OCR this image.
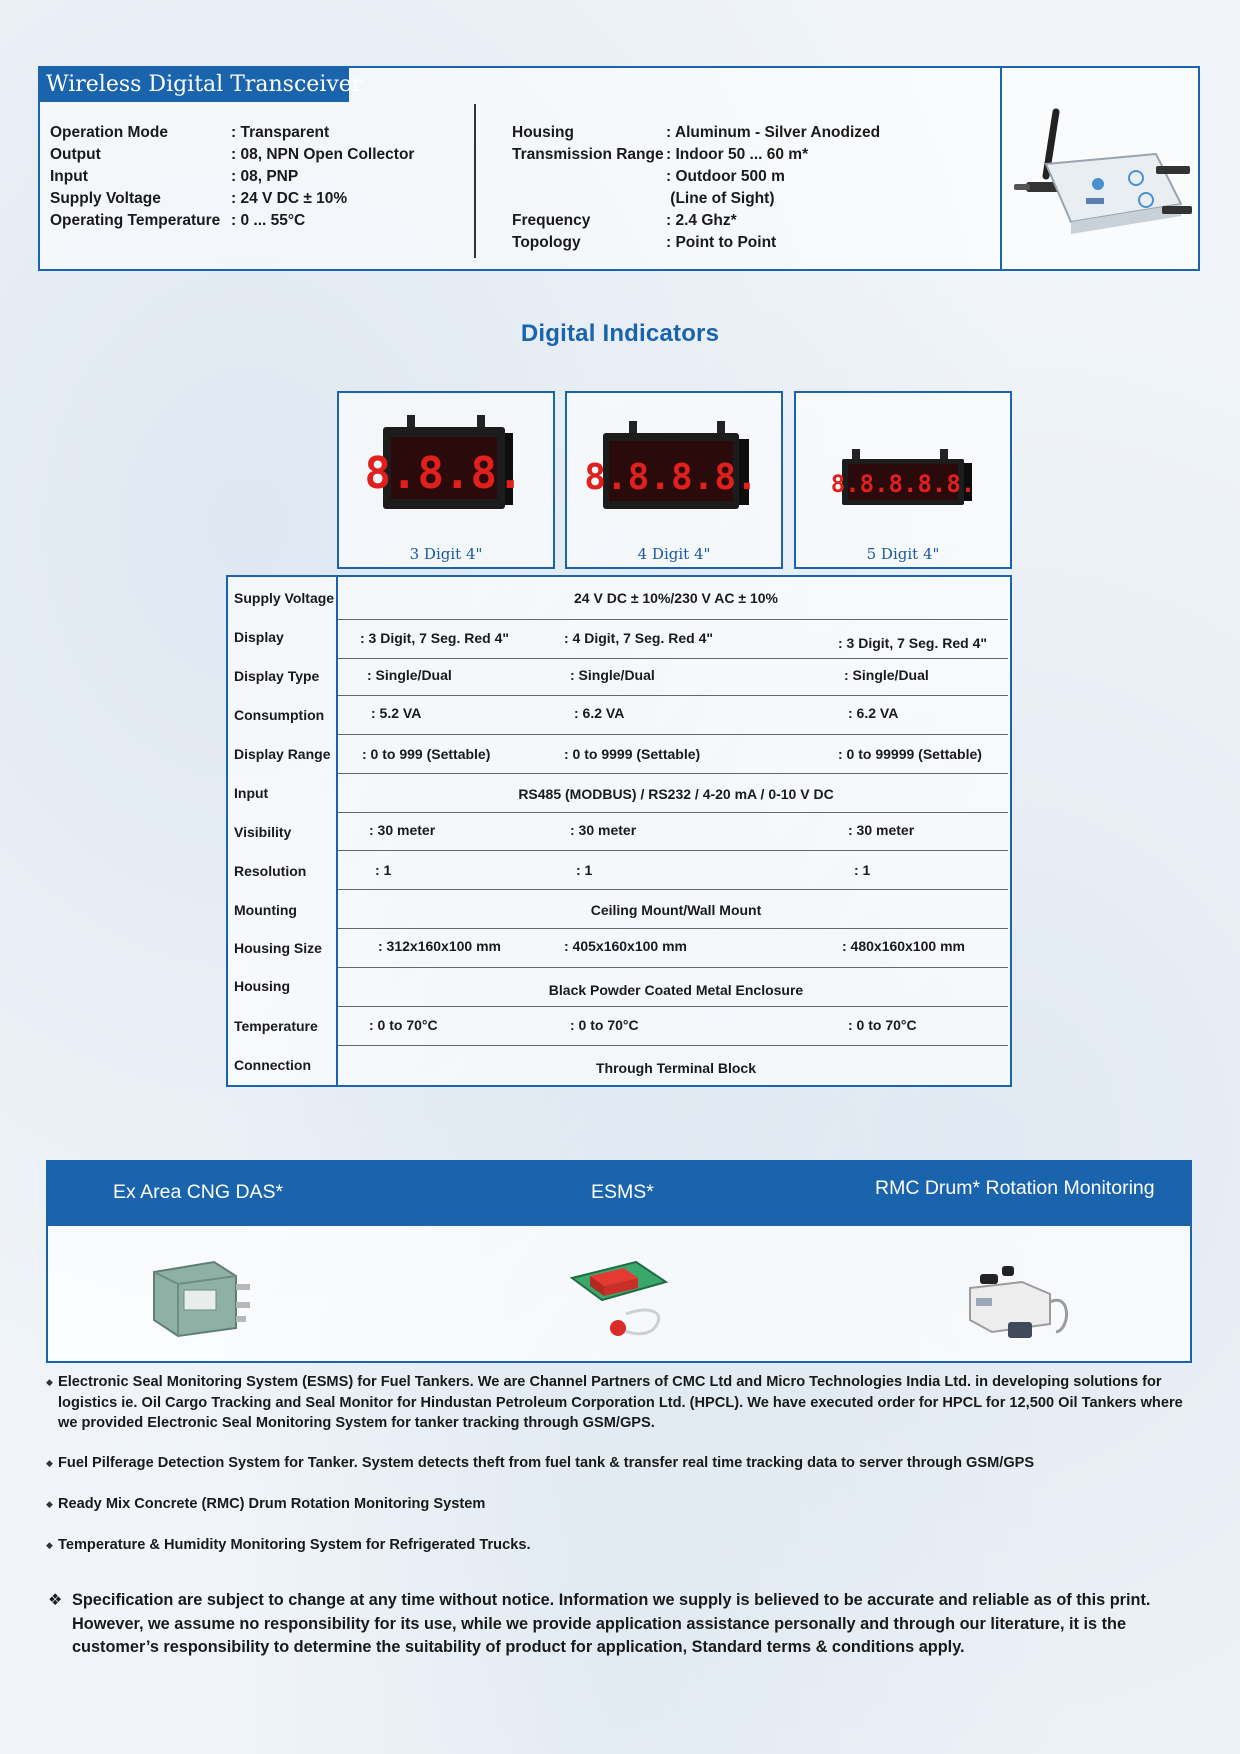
Wireless Digital Transceiver
Operation Mode	: Transparent
Output	: 08, NPN Open Collector
Input	: 08, PNP
Supply Voltage	: 24 V DC ± 10%
Operating Temperature : 0 ... 55°C
Housing	: Aluminum - Silver Anodized
Transmission Range : Indoor 50 ... 60 m*
: Outdoor 500 m
(Line of Sight)
Frequency	: 2.4 Ghz*
Topology	: Point to Point
Digital Indicators
8.8.8.
3 Digit 4"
8.8.8.8.
4 Digit 4"
8.8.8.8.8.
5 Digit 4"
Supply Voltage	24 V DC ± 10%/230 V AC ± 10%
Display	: 3 Digit, 7 Seg. Red 4"	: 4 Digit, 7 Seg. Red 4"	: 3 Digit, 7 Seg. Red 4"
Display Type	: Single/Dual	: Single/Dual	: Single/Dual
Consumption	: 5.2 VA	: 6.2 VA	: 6.2 VA
Display Range : 0 to 999 (Settable)	: 0 to 9999 (Settable)	: 0 to 99999 (Settable)
Input	RS485 (MODBUS) / RS232 / 4-20 mA / 0-10 V DC
Visibility	: 30 meter	: 30 meter	: 30 meter
Resolution	: 1	: 1	: 1
Mounting	Ceiling Mount/Wall Mount
Housing Size	: 312x160x100 mm	: 405x160x100 mm	: 480x160x100 mm
Housing	Black Powder Coated Metal Enclosure
Temperature	: 0 to 70°C	: 0 to 70°C	: 0 to 70°C
Connection	Through Terminal Block
Ex Area CNG DAS*	ESMS*	RMC Drum* Rotation Monitoring
◆ Electronic Seal Monitoring System (ESMS) for Fuel Tankers. We are Channel Partners of CMC Ltd and Micro Technologies India Ltd. in developing solutions for logistics ie. Oil Cargo Tracking and Seal Monitor for Hindustan Petroleum Corporation Ltd. (HPCL). We have executed order for HPCL for 12,500 Oil Tankers where we provided Electronic Seal Monitoring System for tanker tracking through GSM/GPS.
◆ Fuel Pilferage Detection System for Tanker. System detects theft from fuel tank & transfer real time tracking data to server through GSM/GPS
◆ Ready Mix Concrete (RMC) Drum Rotation Monitoring System
◆ Temperature & Humidity Monitoring System for Refrigerated Trucks.
❖ Specification are subject to change at any time without notice. Information we supply is believed to be accurate and reliable as of this print. However, we assume no responsibility for its use, while we provide application assistance personally and through our literature, it is the customer’s responsibility to determine the suitability of product for application, Standard terms & conditions apply.
